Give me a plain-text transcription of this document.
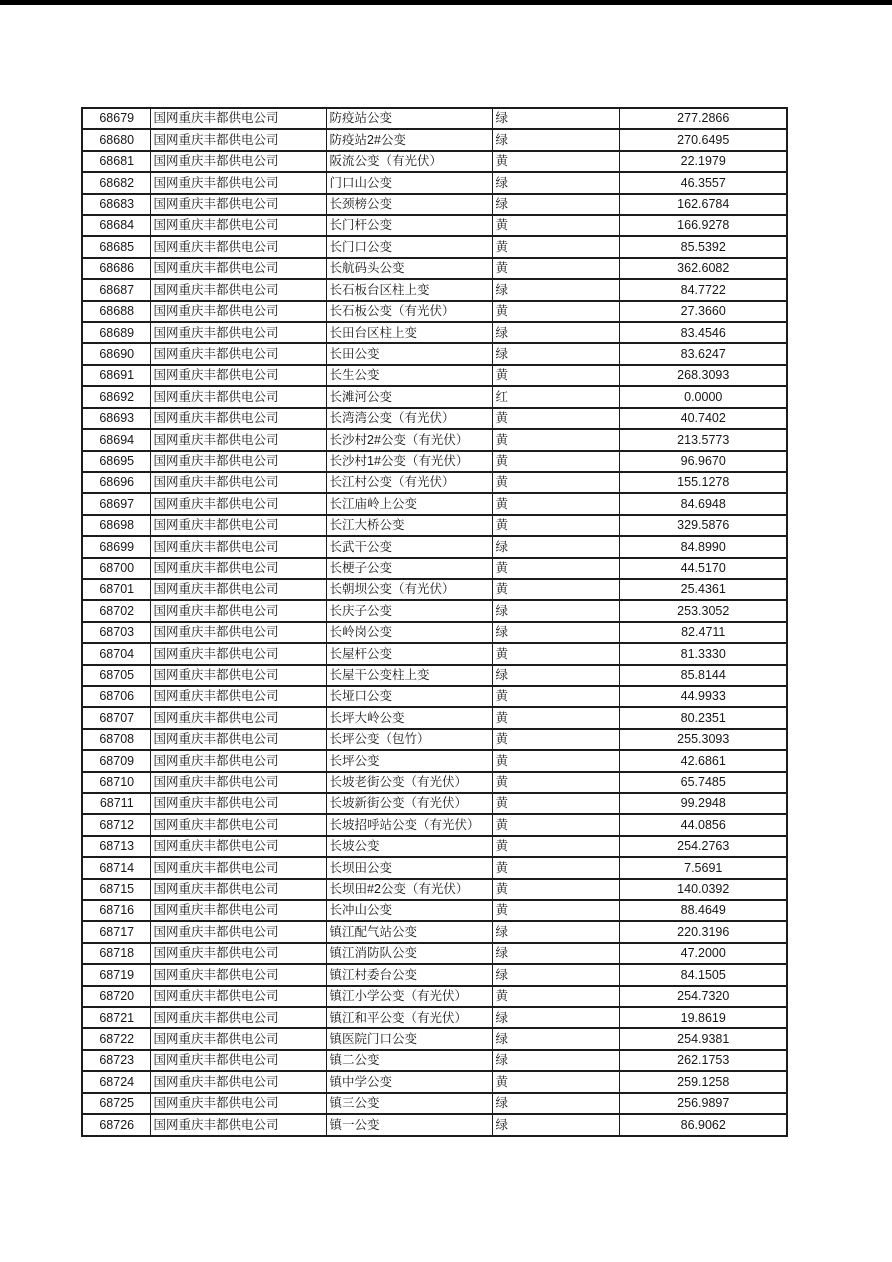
68679	国网重庆丰都供电公司	防疫站公变	绿	277.2866
68680	国网重庆丰都供电公司	防疫站2#公变	绿	270.6495
68681	国网重庆丰都供电公司	阪流公变（有光伏）	黄	22.1979
68682	国网重庆丰都供电公司	门口山公变	绿	46.3557
68683	国网重庆丰都供电公司	长颈榜公变	绿	162.6784
68684	国网重庆丰都供电公司	长门杆公变	黄	166.9278
68685	国网重庆丰都供电公司	长门口公变	黄	85.5392
68686	国网重庆丰都供电公司	长航码头公变	黄	362.6082
68687	国网重庆丰都供电公司	长石板台区柱上变	绿	84.7722
68688	国网重庆丰都供电公司	长石板公变（有光伏）	黄	27.3660
68689	国网重庆丰都供电公司	长田台区柱上变	绿	83.4546
68690	国网重庆丰都供电公司	长田公变	绿	83.6247
68691	国网重庆丰都供电公司	长生公变	黄	268.3093
68692	国网重庆丰都供电公司	长滩河公变	红	0.0000
68693	国网重庆丰都供电公司	长湾湾公变（有光伏）	黄	40.7402
68694	国网重庆丰都供电公司	长沙村2#公变（有光伏）	黄	213.5773
68695	国网重庆丰都供电公司	长沙村1#公变（有光伏）	黄	96.9670
68696	国网重庆丰都供电公司	长江村公变（有光伏）	黄	155.1278
68697	国网重庆丰都供电公司	长江庙岭上公变	黄	84.6948
68698	国网重庆丰都供电公司	长江大桥公变	黄	329.5876
68699	国网重庆丰都供电公司	长武干公变	绿	84.8990
68700	国网重庆丰都供电公司	长梗子公变	黄	44.5170
68701	国网重庆丰都供电公司	长朝坝公变（有光伏）	黄	25.4361
68702	国网重庆丰都供电公司	长庆子公变	绿	253.3052
68703	国网重庆丰都供电公司	长岭岗公变	绿	82.4711
68704	国网重庆丰都供电公司	长屋杆公变	黄	81.3330
68705	国网重庆丰都供电公司	长屋干公变柱上变	绿	85.8144
68706	国网重庆丰都供电公司	长垭口公变	黄	44.9933
68707	国网重庆丰都供电公司	长坪大岭公变	黄	80.2351
68708	国网重庆丰都供电公司	长坪公变（包竹）	黄	255.3093
68709	国网重庆丰都供电公司	长坪公变	黄	42.6861
68710	国网重庆丰都供电公司	长坡老街公变（有光伏）	黄	65.7485
68711	国网重庆丰都供电公司	长坡新街公变（有光伏）	黄	99.2948
68712	国网重庆丰都供电公司	长坡招呼站公变（有光伏）	黄	44.0856
68713	国网重庆丰都供电公司	长坡公变	黄	254.2763
68714	国网重庆丰都供电公司	长坝田公变	黄	7.5691
68715	国网重庆丰都供电公司	长坝田#2公变（有光伏）	黄	140.0392
68716	国网重庆丰都供电公司	长冲山公变	黄	88.4649
68717	国网重庆丰都供电公司	镇江配气站公变	绿	220.3196
68718	国网重庆丰都供电公司	镇江消防队公变	绿	47.2000
68719	国网重庆丰都供电公司	镇江村委台公变	绿	84.1505
68720	国网重庆丰都供电公司	镇江小学公变（有光伏）	黄	254.7320
68721	国网重庆丰都供电公司	镇江和平公变（有光伏）	绿	19.8619
68722	国网重庆丰都供电公司	镇医院门口公变	绿	254.9381
68723	国网重庆丰都供电公司	镇二公变	绿	262.1753
68724	国网重庆丰都供电公司	镇中学公变	黄	259.1258
68725	国网重庆丰都供电公司	镇三公变	绿	256.9897
68726	国网重庆丰都供电公司	镇一公变	绿	86.9062
